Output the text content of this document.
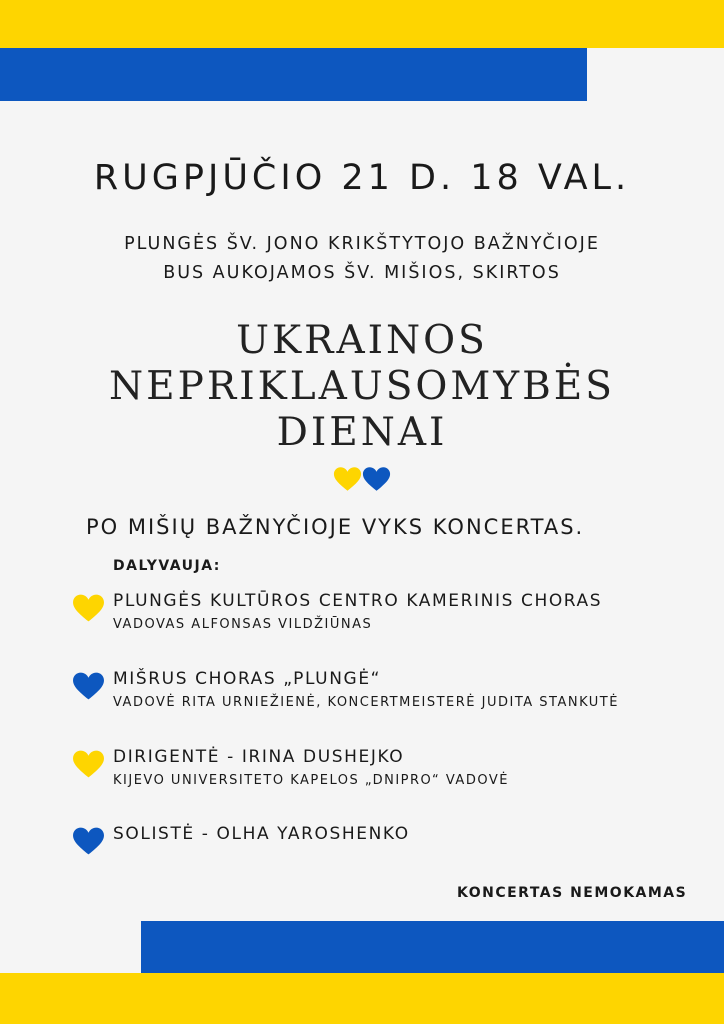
RUGPJŪČIO 21 D. 18 VAL.
PLUNGĖS ŠV. JONO KRIKŠTYTOJO BAŽNYČIOJE
BUS AUKOJAMOS ŠV. MIŠIOS, SKIRTOS
UKRAINOS
NEPRIKLAUSOMYBĖS
DIENAI
PO MIŠIŲ BAŽNYČIOJE VYKS KONCERTAS.
DALYVAUJA:
PLUNGĖS KULTŪROS CENTRO KAMERINIS CHORAS
VADOVAS ALFONSAS VILDŽIŪNAS
MIŠRUS CHORAS „PLUNGĖ“
VADOVĖ RITA URNIEŽIENĖ, KONCERTMEISTERĖ JUDITA STANKUTĖ
DIRIGENTĖ - IRINA DUSHEJKO
KIJEVO UNIVERSITETO KAPELOS „DNIPRO“ VADOVĖ
SOLISTĖ - OLHA YAROSHENKO
KONCERTAS NEMOKAMAS
